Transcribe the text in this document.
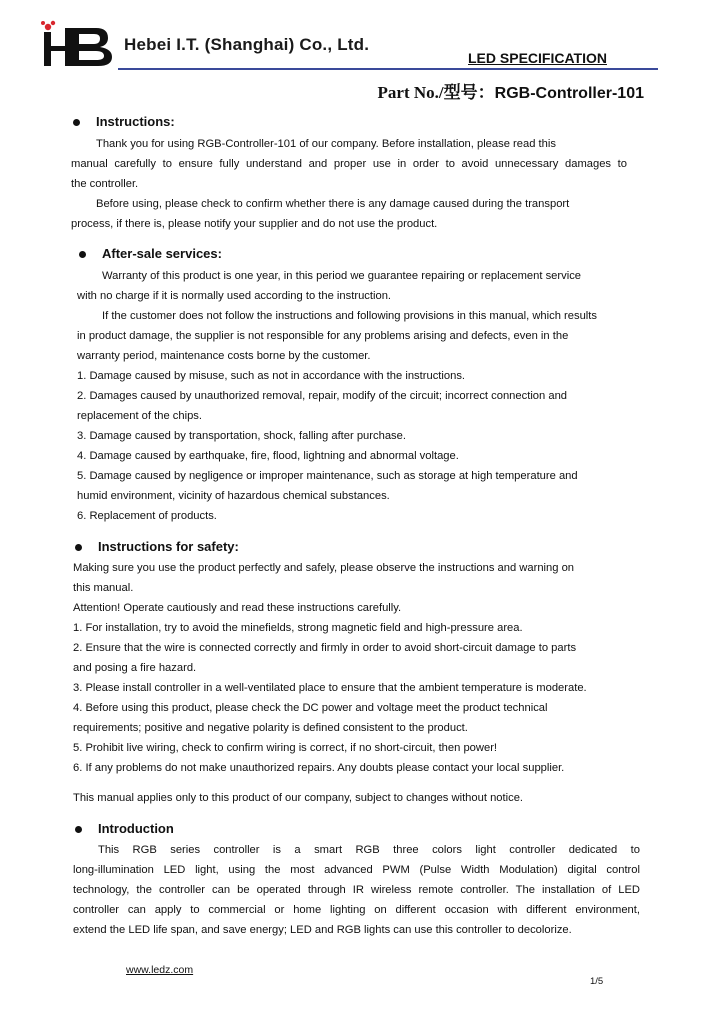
Hebei I.T. (Shanghai) Co., Ltd.
LED SPECIFICATION
Part No./型号：RGB-Controller-101
Instructions:
Thank you for using RGB-Controller-101 of our company. Before installation, please read this
manual carefully to ensure fully understand and proper use in order to avoid unnecessary damages to
the controller.
Before using, please check to confirm whether there is any damage caused during the transport
process, if there is, please notify your supplier and do not use the product.
After-sale services:
Warranty of this product is one year, in this period we guarantee repairing or replacement service
with no charge if it is normally used according to the instruction.
If the customer does not follow the instructions and following provisions in this manual, which results
in product damage, the supplier is not responsible for any problems arising and defects, even in the
warranty period, maintenance costs borne by the customer.
1. Damage caused by misuse, such as not in accordance with the instructions.
2. Damages caused by unauthorized removal, repair, modify of the circuit; incorrect connection and
replacement of the chips.
3. Damage caused by transportation, shock, falling after purchase.
4. Damage caused by earthquake, fire, flood, lightning and abnormal voltage.
5. Damage caused by negligence or improper maintenance, such as storage at high temperature and
humid environment, vicinity of hazardous chemical substances.
6. Replacement of products.
Instructions for safety:
Making sure you use the product perfectly and safely, please observe the instructions and warning on
this manual.
Attention! Operate cautiously and read these instructions carefully.
1. For installation, try to avoid the minefields, strong magnetic field and high-pressure area.
2. Ensure that the wire is connected correctly and firmly in order to avoid short-circuit damage to parts
and posing a fire hazard.
3. Please install controller in a well-ventilated place to ensure that the ambient temperature is moderate.
4. Before using this product, please check the DC power and voltage meet the product technical
requirements; positive and negative polarity is defined consistent to the product.
5. Prohibit live wiring, check to confirm wiring is correct, if no short-circuit, then power!
6. If any problems do not make unauthorized repairs. Any doubts please contact your local supplier.
This manual applies only to this product of our company, subject to changes without notice.
Introduction
This RGB series controller is a smart RGB three colors light controller dedicated to
long-illumination LED light, using the most advanced PWM (Pulse Width Modulation) digital control
technology, the controller can be operated through IR wireless remote controller. The installation of LED
controller can apply to commercial or home lighting on different occasion with different environment,
extend the LED life span, and save energy; LED and RGB lights can use this controller to decolorize.
www.ledz.com
1/5
